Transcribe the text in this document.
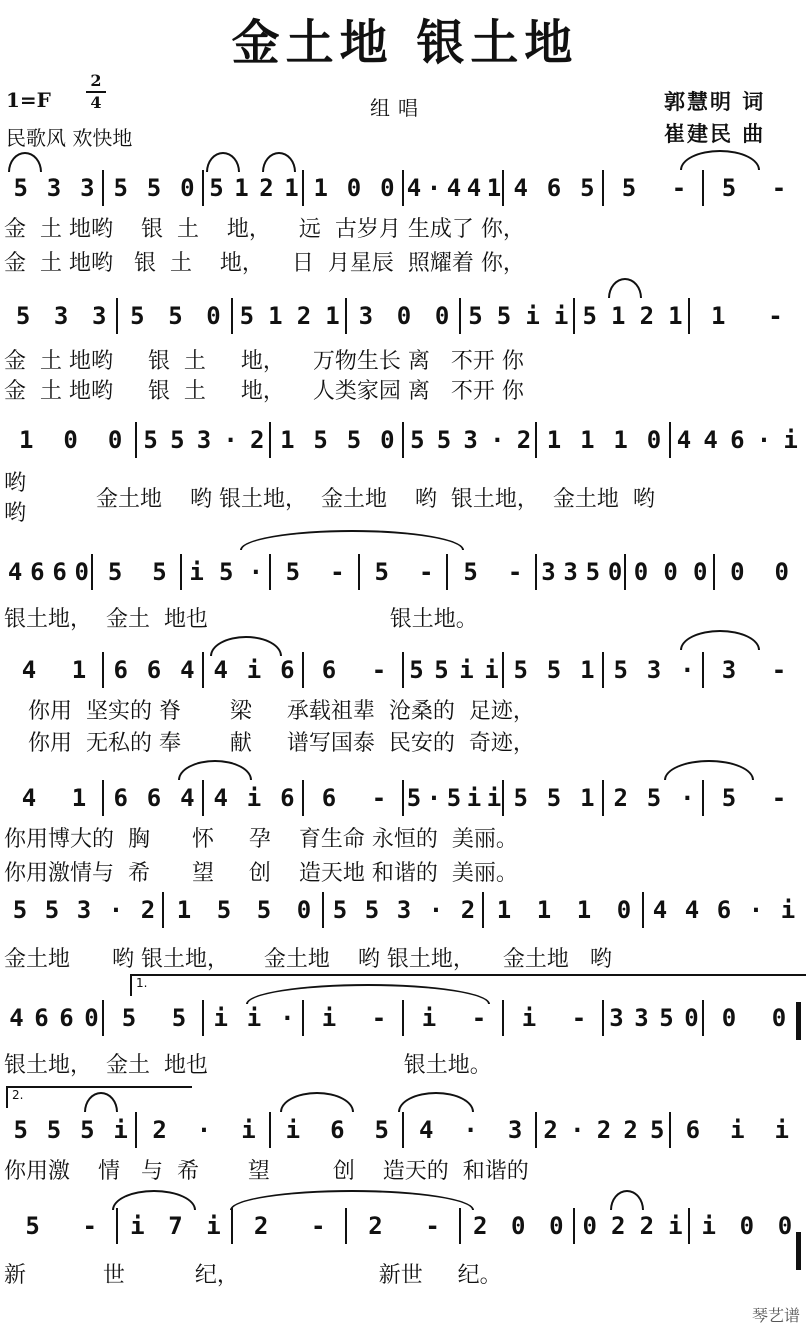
金土地 银土地
1=F
2
4
民歌风 欢快地
组唱	郭慧明 词
崔建民 曲
5 3 3 5 5 0 5 1 2 1 1 0 0 4 · 4 4 1 4 6 5 5 - 5 -
5 3 3 5 5 0 5 1 2 1 3 0 0 5 5 i i 5 1 2 1 1 -
1 0 0 5 5 3 · 2 1 5 5 0 5 5 3 · 2 1 1 1 0 4 4 6 · i
4 6 6 0 5 5 i 5 · 5 - 5 - 5 - 3 3 5 0 0 0 0 0 0
4 1 6 6 4 4 i 6 6 - 5 5 i i 5 5 1 5 3 · 3 -
4 1 6 6 4 4 i 6 6 - 5 · 5 i i 5 5 1 2 5 · 5 -
5 5 3 · 2 1 5 5 0 5 5 3 · 2 1 1 1 0 4 4 6 · i
4 6 6 0 5 5 i i · i - i - i - 3 3 5 0 0 0
5 5 5 i 2 · i i 6 5 4 · 3 2 · 2 2 5 6 i i
5 - i 7 i 2 - 2 - 2 0 0 0 2 2 i i 0 0
金  土 地哟    银  土    地，    远  古岁月 生成了 你，
金  土 地哟   银  土    地，    日  月星辰  照耀着 你，
金  土 地哟     银  土     地，    万物生长 离   不开 你
金  土 地哟     银  土     地，    人类家园 离   不开 你
哟
哟
金土地    哟 银土地，  金土地    哟  银土地，  金土地  哟
银土地，  金土  地也                          银土地。
你用  坚实的 脊       梁     承载祖辈  沧桑的  足迹，
你用  无私的 奉       献     谱写国泰  民安的  奇迹，
你用博大的  胸      怀     孕    育生命 永恒的  美丽。
你用激情与  希      望     创    造天地 和谐的  美丽。
金土地      哟 银土地，     金土地    哟 银土地，    金土地   哟
银土地，  金土  地也                            银土地。
你用激    情   与  希       望         创    造天的  和谐的
新           世          纪，                    新世     纪。
1.
2.
琴艺谱
